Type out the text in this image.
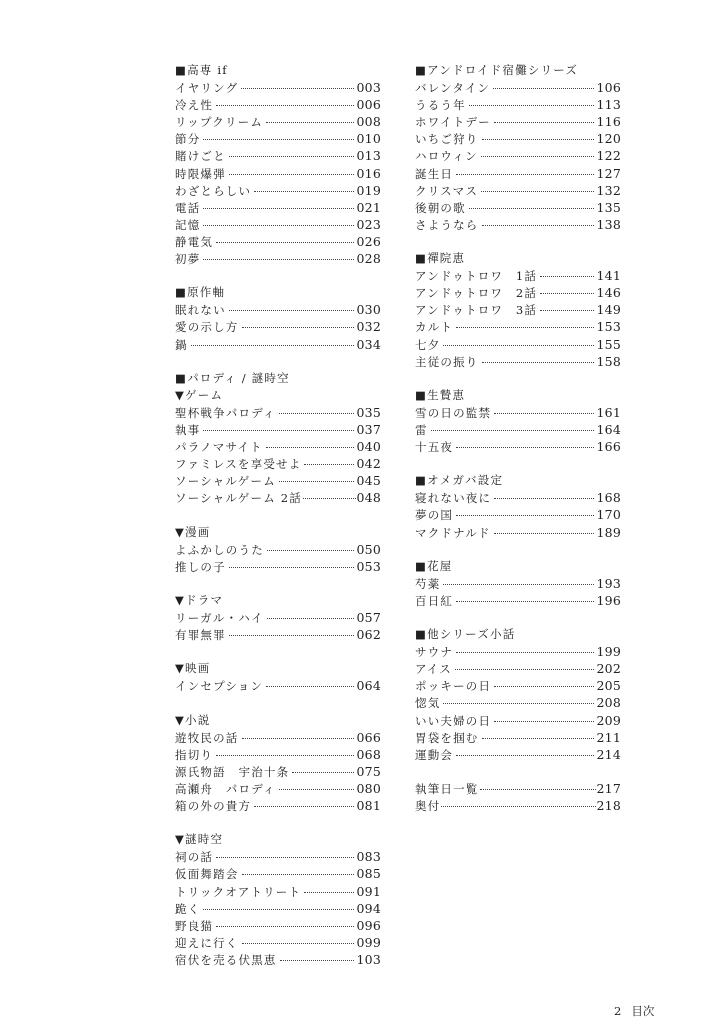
■高専 if
イヤリング	003
冷え性	006
リップクリーム	008
節分	010
賭けごと	013
時限爆弾	016
わざとらしい	019
電話	021
記憶	023
静電気	026
初夢	028
■原作軸
眠れない	030
愛の示し方	032
鍋	034
■パロディ / 謎時空
▼ゲーム
聖杯戦争パロディ	035
執事	037
パラノマサイト	040
ファミレスを享受せよ	042
ソーシャルゲーム	045
ソーシャルゲーム 2話	048
▼漫画
よふかしのうた	050
推しの子	053
▼ドラマ
リーガル・ハイ	057
有罪無罪	062
▼映画
インセプション	064
▼小説
遊牧民の話	066
指切り	068
源氏物語　宇治十条	075
高瀬舟　パロディ	080
箱の外の貴方	081
▼謎時空
祠の話	083
仮面舞踏会	085
トリックオアトリート	091
跪く	094
野良猫	096
迎えに行く	099
宿伏を売る伏黒恵	103
■アンドロイド宿儺シリーズ
バレンタイン	106
うるう年	113
ホワイトデー	116
いちご狩り	120
ハロウィン	122
誕生日	127
クリスマス	132
後朝の歌	135
さようなら	138
■禪院恵
アンドゥトロワ　1話	141
アンドゥトロワ　2話	146
アンドゥトロワ　3話	149
カルト	153
七夕	155
主従の振り	158
■生贄恵
雪の日の監禁	161
雷	164
十五夜	166
■オメガバ設定
寝れない夜に	168
夢の国	170
マクドナルド	189
■花屋
芍薬	193
百日紅	196
■他シリーズ小話
サウナ	199
アイス	202
ポッキーの日	205
惚気	208
いい夫婦の日	209
胃袋を掴む	211
運動会	214
執筆日一覧	217
奥付	218
2 目次
